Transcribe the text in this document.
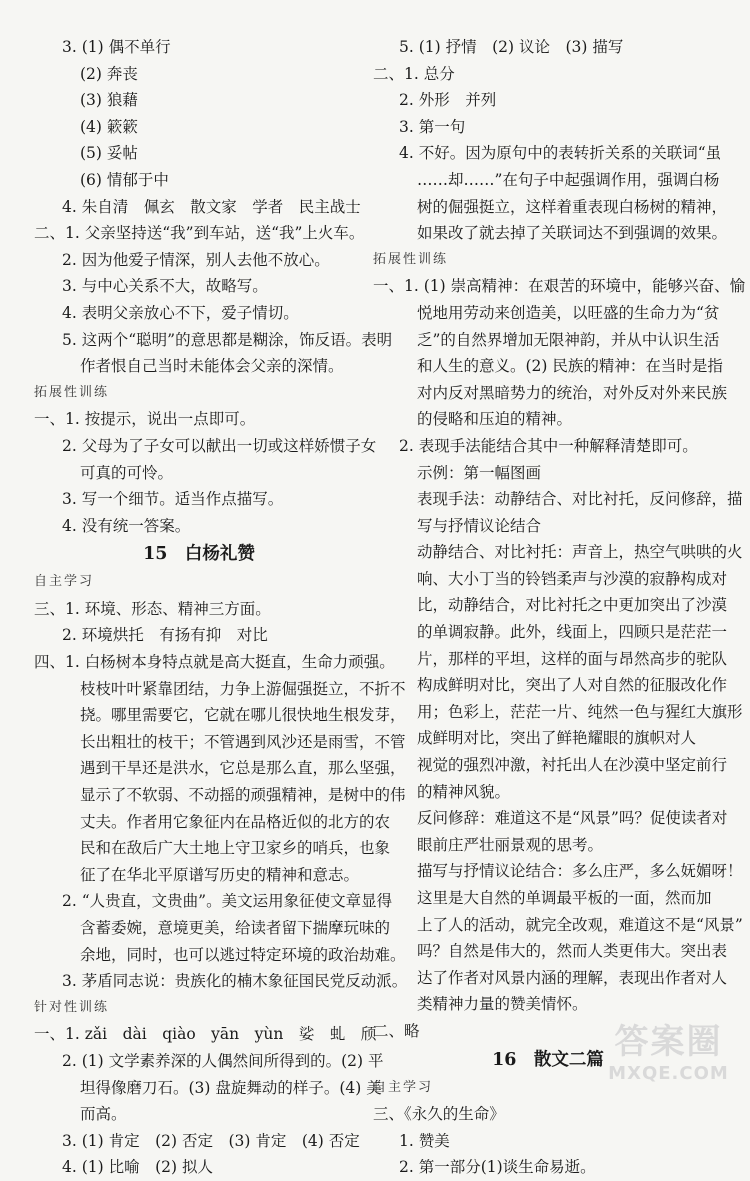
3. (1) 偶不单行
(2) 奔丧
(3) 狼藉
(4) 簌簌
(5) 妥帖
(6) 情郁于中
4. 朱自清　佩玄　散文家　学者　民主战士
二、1. 父亲坚持送“我”到车站，送“我”上火车。
2. 因为他爱子情深，别人去他不放心。
3. 与中心关系不大，故略写。
4. 表明父亲放心不下，爱子情切。
5. 这两个“聪明”的意思都是糊涂，饰反语。表明
作者恨自己当时未能体会父亲的深情。
拓展性训练
一、1. 按提示，说出一点即可。
2. 父母为了子女可以献出一切或这样娇惯子女
可真的可怜。
3. 写一个细节。适当作点描写。
4. 没有统一答案。
15　白杨礼赞
自主学习
三、1. 环境、形态、精神三方面。
2. 环境烘托　有扬有抑　对比
四、1. 白杨树本身特点就是高大挺直，生命力顽强。
枝枝叶叶紧靠团结，力争上游倔强挺立，不折不
挠。哪里需要它，它就在哪儿很快地生根发芽，
长出粗壮的枝干；不管遇到风沙还是雨雪，不管
遇到干旱还是洪水，它总是那么直，那么坚强，
显示了不软弱、不动摇的顽强精神，是树中的伟
丈夫。作者用它象征内在品格近似的北方的农
民和在敌后广大土地上守卫家乡的哨兵，也象
征了在华北平原谱写历史的精神和意志。
2. “人贵直，文贵曲”。美文运用象征使文章显得
含蓄委婉，意境更美，给读者留下揣摩玩味的
余地，同时，也可以逃过特定环境的政治劫难。
3. 茅盾同志说：贵族化的楠木象征国民党反动派。
针对性训练
一、1. zǎi　dài　qiào　yān　yùn　娑　虬　颀
2. (1) 文学素养深的人偶然间所得到的。(2) 平
坦得像磨刀石。(3) 盘旋舞动的样子。(4) 美
而高。
3. (1) 肯定　(2) 否定　(3) 肯定　(4) 否定
4. (1) 比喻　(2) 拟人
5. (1) 抒情　(2) 议论　(3) 描写
二、1. 总分
2. 外形　并列
3. 第一句
4. 不好。因为原句中的表转折关系的关联词“虽
……却……”在句子中起强调作用，强调白杨
树的倔强挺立，这样着重表现白杨树的精神，
如果改了就去掉了关联词达不到强调的效果。
拓展性训练
一、1. (1) 崇高精神：在艰苦的环境中，能够兴奋、愉
悦地用劳动来创造美，以旺盛的生命力为“贫
乏”的自然界增加无限神韵，并从中认识生活
和人生的意义。(2) 民族的精神：在当时是指
对内反对黑暗势力的统治，对外反对外来民族
的侵略和压迫的精神。
2. 表现手法能结合其中一种解释清楚即可。
示例：第一幅图画
表现手法：动静结合、对比衬托，反问修辞，描
写与抒情议论结合
动静结合、对比衬托：声音上，热空气哄哄的火
响、大小丁当的铃铛柔声与沙漠的寂静构成对
比，动静结合，对比衬托之中更加突出了沙漠
的单调寂静。此外，线面上，四顾只是茫茫一
片，那样的平坦，这样的面与昂然高步的驼队
构成鲜明对比，突出了人对自然的征服改化作
用；色彩上，茫茫一片、纯然一色与猩红大旗形
成鲜明对比，突出了鲜艳耀眼的旗帜对人
视觉的强烈冲激，衬托出人在沙漠中坚定前行
的精神风貌。
反问修辞：难道这不是“风景”吗？促使读者对
眼前庄严壮丽景观的思考。
描写与抒情议论结合：多么庄严，多么妩媚呀！
这里是大自然的单调最平板的一面，然而加
上了人的活动，就完全改观，难道这不是“风景”
吗？自然是伟大的，然而人类更伟大。突出表
达了作者对风景内涵的理解，表现出作者对人
类精神力量的赞美情怀。
二、略
16　散文二篇
自主学习
三、《永久的生命》
1. 赞美
2. 第一部分(1)谈生命易逝。
答案圈
MXQE.COM
